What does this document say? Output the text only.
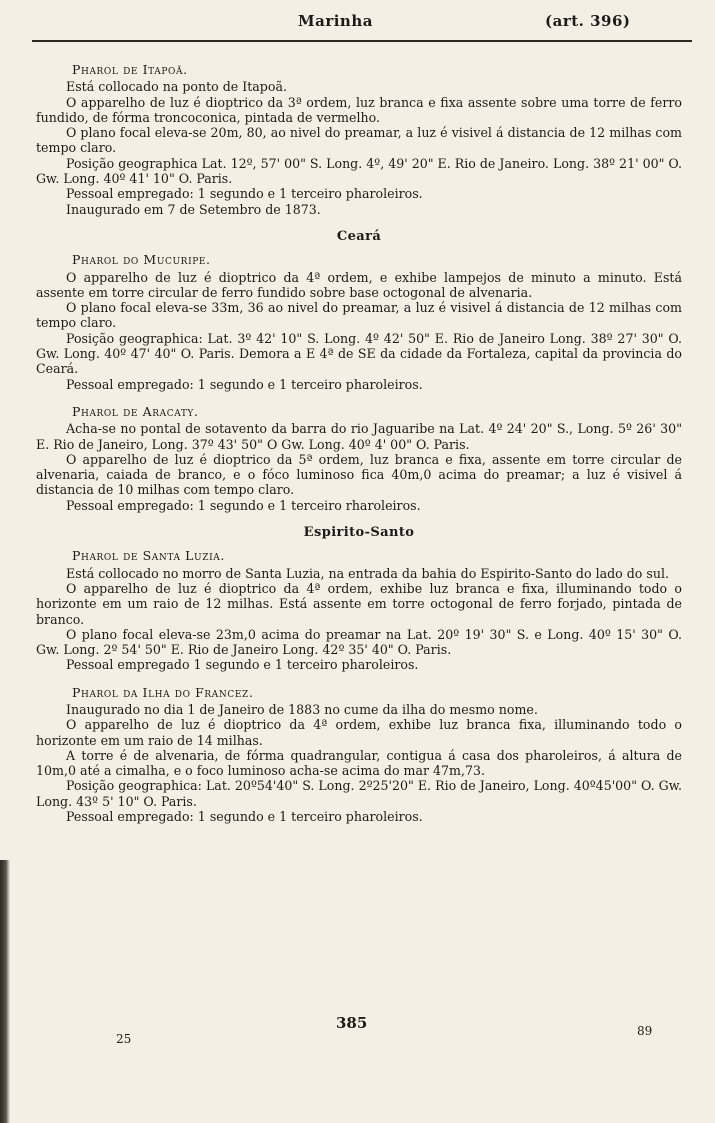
Marinha	(art. 396)
Pharol de Itapoã.

Está collocado na ponto de Itapoã.

O apparelho de luz é dioptrico da 3ª ordem, luz branca e fixa assente sobre uma torre de ferro fundido, de fórma troncoconica, pintada de vermelho.

O plano focal eleva-se 20m, 80, ao nivel do preamar, a luz é visivel á distancia de 12 milhas com tempo claro.

Posição geographica Lat. 12º, 57' 00" S. Long. 4º, 49' 20" E. Rio de Janeiro. Long. 38º 21' 00" O. Gw. Long. 40º 41' 10" O. Paris.

Pessoal empregado: 1 segundo e 1 terceiro pharoleiros.

Inaugurado em 7 de Setembro de 1873.

Ceará
Pharol do Mucuripe.

O apparelho de luz é dioptrico da 4ª ordem, e exhibe lampejos de minuto a minuto. Está assente em torre circular de ferro fundido sobre base octogonal de alvenaria.

O plano focal eleva-se 33m, 36 ao nivel do preamar, a luz é visivel á distancia de 12 milhas com tempo claro.

Posição geographica: Lat. 3º 42' 10" S. Long. 4º 42' 50" E. Rio de Janeiro Long. 38º 27' 30" O. Gw. Long. 40º 47' 40" O. Paris. Demora a E 4ª de SE da cidade da Fortaleza, capital da provincia do Ceará.

Pessoal empregado: 1 segundo e 1 terceiro pharoleiros.

Pharol de Aracaty.

Acha-se no pontal de sotavento da barra do rio Jaguaribe na Lat. 4º 24' 20" S., Long. 5º 26' 30" E. Rio de Janeiro, Long. 37º 43' 50" O Gw. Long. 40º 4' 00" O. Paris.

O apparelho de luz é dioptrico da 5ª ordem, luz branca e fixa, assente em torre circular de alvenaria, caiada de branco, e o fóco luminoso fica 40m,0 acima do preamar; a luz é visivel á distancia de 10 milhas com tempo claro.

Pessoal empregado: 1 segundo e 1 terceiro rharoleiros.

Espirito-Santo
Pharol de Santa Luzia.

Está collocado no morro de Santa Luzia, na entrada da bahia do Espirito-Santo do lado do sul.

O apparelho de luz é dioptrico da 4ª ordem, exhibe luz branca e fixa, illuminando todo o horizonte em um raio de 12 milhas. Está assente em torre octogonal de ferro forjado, pintada de branco.

O plano focal eleva-se 23m,0 acima do preamar na Lat. 20º 19' 30" S. e Long. 40º 15' 30" O. Gw. Long. 2º 54' 50" E. Rio de Janeiro Long. 42º 35' 40" O. Paris.

Pessoal empregado 1 segundo e 1 terceiro pharoleiros.

Pharol da Ilha do Francez.

Inaugurado no dia 1 de Janeiro de 1883 no cume da ilha do mesmo nome.

O apparelho de luz é dioptrico da 4ª ordem, exhibe luz branca fixa, illuminando todo o horizonte em um raio de 14 milhas.

A torre é de alvenaria, de fórma quadrangular, contigua á casa dos pharoleiros, á altura de 10m,0 até a cimalha, e o foco luminoso acha-se acima do mar 47m,73.

Posição geographica: Lat. 20º54'40" S. Long. 2º25'20" E. Rio de Janeiro, Long. 40º45'00" O. Gw. Long. 43º 5' 10" O. Paris.

Pessoal empregado: 1 segundo e 1 terceiro pharoleiros.

25
385	89
